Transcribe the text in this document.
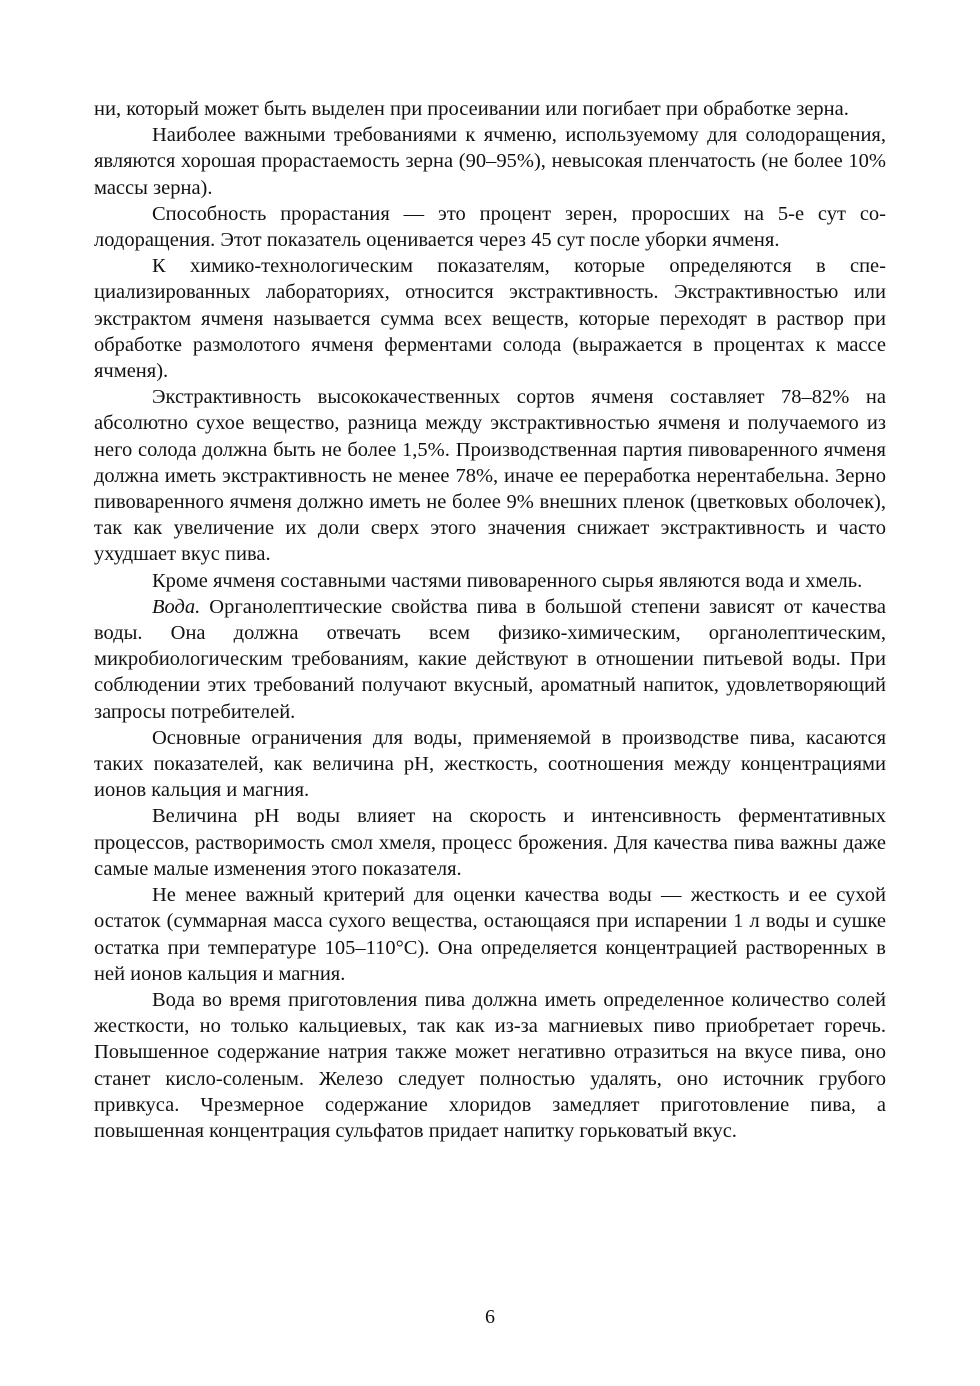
ни, который может быть выделен при просеивании или погибает при обработке зерна.

Наиболее важными требованиями к ячменю, используемому для солодоращения, являются хорошая прорастаемость зерна (90–95%), невысокая пленчатость (не более 10% массы зерна).

Способность прорастания — это процент зерен, проросших на 5-е сут солодоращения. Этот показатель оценивается через 45 сут после уборки ячменя.

К химико-технологическим показателям, которые определяются в специализированных лабораториях, относится экстрактивность. Экстрактивностью или экстрактом ячменя называется сумма всех веществ, которые переходят в раствор при обработке размолотого ячменя ферментами солода (выражается в процентах к массе ячменя).

Экстрактивность высококачественных сортов ячменя составляет 78–82% на абсолютно сухое вещество, разница между экстрактивностью ячменя и получаемого из него солода должна быть не более 1,5%. Производственная партия пивоваренного ячменя должна иметь экстрактивность не менее 78%, иначе ее переработка нерентабельна. Зерно пивоваренного ячменя должно иметь не более 9% внешних пленок (цветковых оболочек), так как увеличение их доли сверх этого значения снижает экстрактивность и часто ухудшает вкус пива.

Кроме ячменя составными частями пивоваренного сырья являются вода и хмель.

Вода. Органолептические свойства пива в большой степени зависят от качества воды. Она должна отвечать всем физико-химическим, органолептическим, микробиологическим требованиям, какие действуют в отношении питьевой воды. При соблюдении этих требований получают вкусный, ароматный напиток, удовлетворяющий запросы потребителей.

Основные ограничения для воды, применяемой в производстве пива, касаются таких показателей, как величина pH, жесткость, соотношения между концентрациями ионов кальция и магния.

Величина pH воды влияет на скорость и интенсивность ферментативных процессов, растворимость смол хмеля, процесс брожения. Для качества пива важны даже самые малые изменения этого показателя.

Не менее важный критерий для оценки качества воды — жесткость и ее сухой остаток (суммарная масса сухого вещества, остающаяся при испарении 1 л воды и сушке остатка при температуре 105–110°С). Она определяется концентрацией растворенных в ней ионов кальция и магния.

Вода во время приготовления пива должна иметь определенное количество солей жесткости, но только кальциевых, так как из-за магниевых пиво приобретает горечь. Повышенное содержание натрия также может негативно отразиться на вкусе пива, оно станет кисло-соленым. Железо следует полностью удалять, оно источник грубого привкуса. Чрезмерное содержание хлоридов замедляет приготовление пива, а повышенная концентрация сульфатов придает напитку горьковатый вкус.

6
